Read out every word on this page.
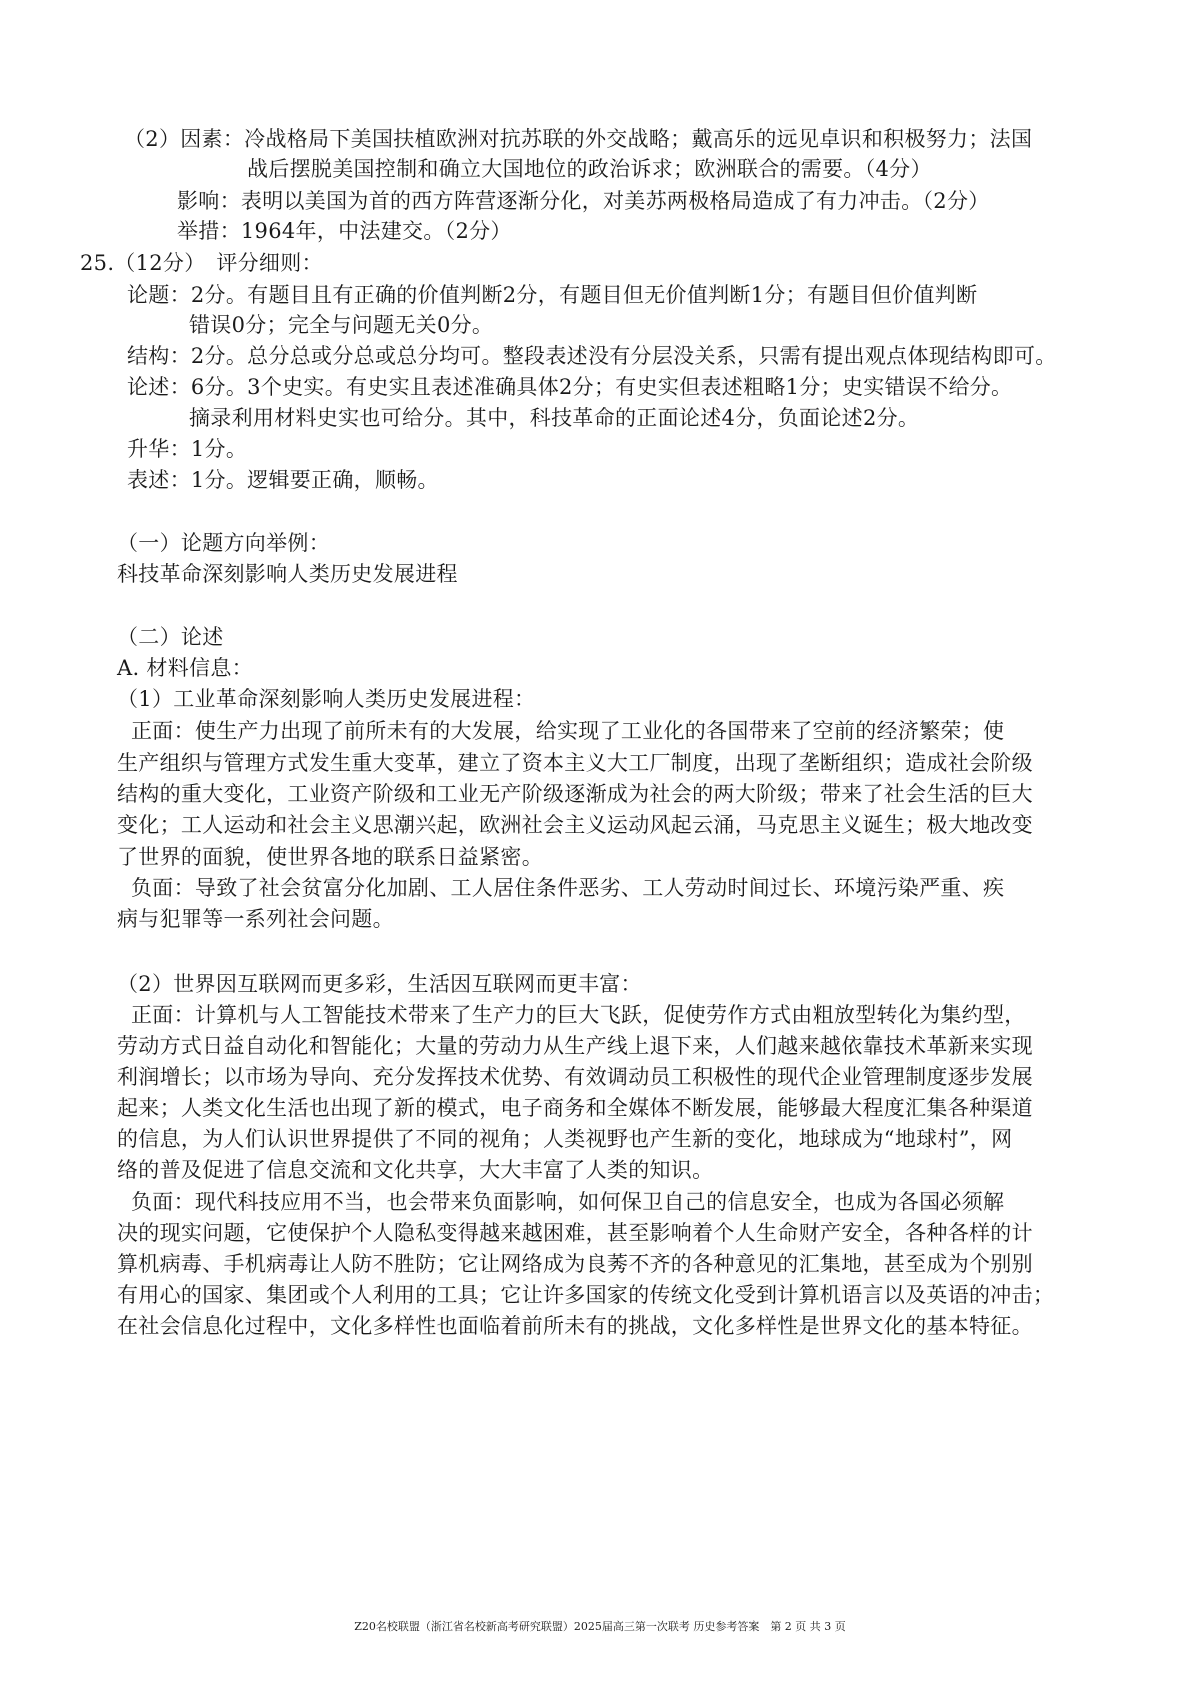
（2）因素：冷战格局下美国扶植欧洲对抗苏联的外交战略；戴高乐的远见卓识和积极努力；法国
战后摆脱美国控制和确立大国地位的政治诉求；欧洲联合的需要。（4分）
影响：表明以美国为首的西方阵营逐渐分化，对美苏两极格局造成了有力冲击。（2分）
举措：1964年，中法建交。（2分）
25.（12分）　评分细则：
论题：2分。有题目且有正确的价值判断2分，有题目但无价值判断1分；有题目但价值判断
错误0分；完全与问题无关0分。
结构：2分。总分总或分总或总分均可。整段表述没有分层没关系，只需有提出观点体现结构即可。
论述：6分。3个史实。有史实且表述准确具体2分；有史实但表述粗略1分；史实错误不给分。
摘录利用材料史实也可给分。其中，科技革命的正面论述4分，负面论述2分。
升华：1分。
表述：1分。逻辑要正确，顺畅。
（一）论题方向举例：
科技革命深刻影响人类历史发展进程
（二）论述
A. 材料信息：
（1）工业革命深刻影响人类历史发展进程：
正面：使生产力出现了前所未有的大发展，给实现了工业化的各国带来了空前的经济繁荣；使
生产组织与管理方式发生重大变革，建立了资本主义大工厂制度，出现了垄断组织；造成社会阶级
结构的重大变化，工业资产阶级和工业无产阶级逐渐成为社会的两大阶级；带来了社会生活的巨大
变化；工人运动和社会主义思潮兴起，欧洲社会主义运动风起云涌，马克思主义诞生；极大地改变
了世界的面貌，使世界各地的联系日益紧密。
负面：导致了社会贫富分化加剧、工人居住条件恶劣、工人劳动时间过长、环境污染严重、疾
病与犯罪等一系列社会问题。
（2）世界因互联网而更多彩，生活因互联网而更丰富：
正面：计算机与人工智能技术带来了生产力的巨大飞跃，促使劳作方式由粗放型转化为集约型，
劳动方式日益自动化和智能化；大量的劳动力从生产线上退下来，人们越来越依靠技术革新来实现
利润增长；以市场为导向、充分发挥技术优势、有效调动员工积极性的现代企业管理制度逐步发展
起来；人类文化生活也出现了新的模式，电子商务和全媒体不断发展，能够最大程度汇集各种渠道
的信息，为人们认识世界提供了不同的视角；人类视野也产生新的变化，地球成为“地球村”，网
络的普及促进了信息交流和文化共享，大大丰富了人类的知识。
负面：现代科技应用不当，也会带来负面影响，如何保卫自己的信息安全，也成为各国必须解
决的现实问题，它使保护个人隐私变得越来越困难，甚至影响着个人生命财产安全，各种各样的计
算机病毒、手机病毒让人防不胜防；它让网络成为良莠不齐的各种意见的汇集地，甚至成为个别别
有用心的国家、集团或个人利用的工具；它让许多国家的传统文化受到计算机语言以及英语的冲击；
在社会信息化过程中，文化多样性也面临着前所未有的挑战，文化多样性是世界文化的基本特征。
Z20名校联盟（浙江省名校新高考研究联盟）2025届高三第一次联考 历史参考答案　第 2 页 共 3 页
